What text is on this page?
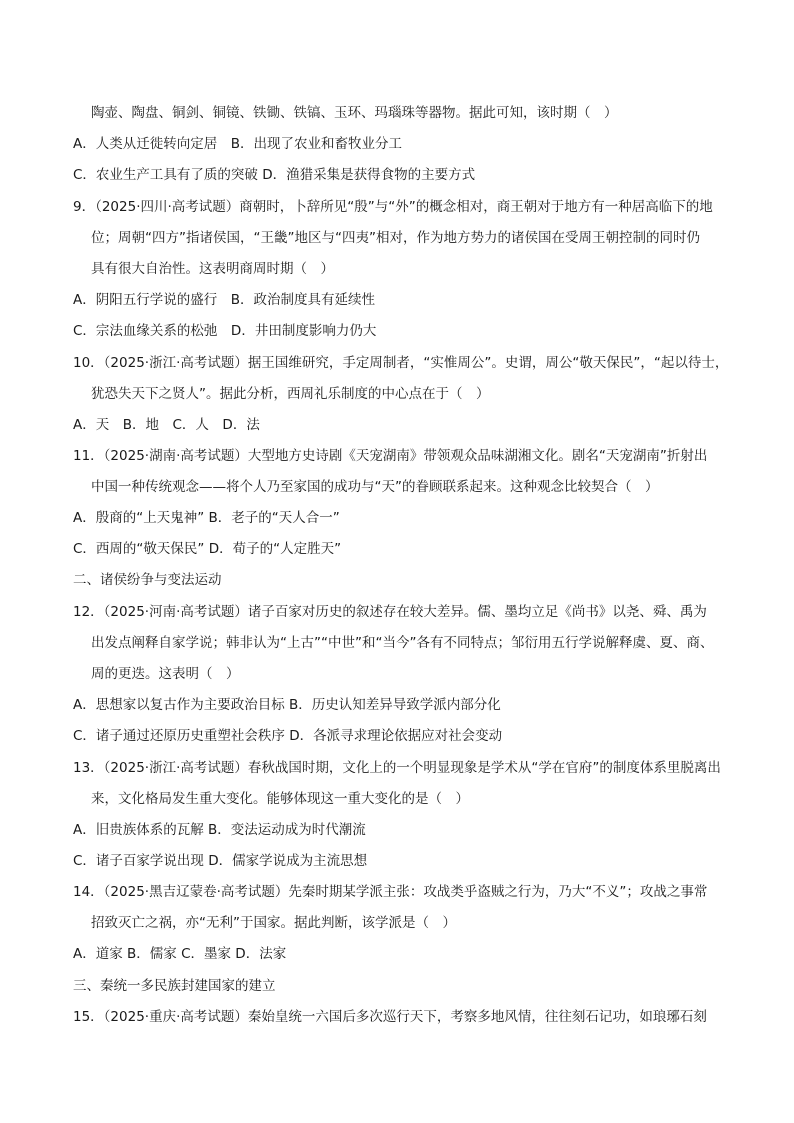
陶壶、陶盘、铜剑、铜镜、铁锄、铁镐、玉环、玛瑙珠等器物。据此可知，该时期（　）
A．人类从迁徙转向定居　B．出现了农业和畜牧业分工
C．农业生产工具有了质的突破 D．渔猎采集是获得食物的主要方式
9．（2025·四川·高考试题）商朝时，卜辞所见“殷”与“外”的概念相对，商王朝对于地方有一种居高临下的地
位；周朝“四方”指诸侯国，“王畿”地区与“四夷”相对，作为地方势力的诸侯国在受周王朝控制的同时仍
具有很大自治性。这表明商周时期（　）
A．阴阳五行学说的盛行　B．政治制度具有延续性
C．宗法血缘关系的松弛　D．井田制度影响力仍大
10．（2025·浙江·高考试题）据王国维研究，手定周制者，“实惟周公”。史谓，周公“敬天保民”，“起以待士，
犹恐失天下之贤人”。据此分析，西周礼乐制度的中心点在于（　）
A．天　B．地　C．人　D．法
11．（2025·湖南·高考试题）大型地方史诗剧《天宠湖南》带领观众品味湖湘文化。剧名“天宠湖南”折射出
中国一种传统观念——将个人乃至家国的成功与“天”的眷顾联系起来。这种观念比较契合（　）
A．殷商的“上天鬼神” B．老子的“天人合一”
C．西周的“敬天保民” D．荀子的“人定胜天”
二、诸侯纷争与变法运动
12．（2025·河南·高考试题）诸子百家对历史的叙述存在较大差异。儒、墨均立足《尚书》以尧、舜、禹为
出发点阐释自家学说；韩非认为“上古”“中世”和“当今”各有不同特点；邹衍用五行学说解释虞、夏、商、
周的更迭。这表明（　）
A．思想家以复古作为主要政治目标 B．历史认知差异导致学派内部分化
C．诸子通过还原历史重塑社会秩序 D．各派寻求理论依据应对社会变动
13．（2025·浙江·高考试题）春秋战国时期，文化上的一个明显现象是学术从“学在官府”的制度体系里脱离出
来，文化格局发生重大变化。能够体现这一重大变化的是（　）
A．旧贵族体系的瓦解 B．变法运动成为时代潮流
C．诸子百家学说出现 D．儒家学说成为主流思想
14．（2025·黑吉辽蒙卷·高考试题）先秦时期某学派主张：攻战类乎盗贼之行为，乃大“不义”；攻战之事常
招致灭亡之祸，亦“无利”于国家。据此判断，该学派是（　）
A．道家 B．儒家 C．墨家 D．法家
三、秦统一多民族封建国家的建立
15．（2025·重庆·高考试题）秦始皇统一六国后多次巡行天下，考察多地风情，往往刻石记功，如琅琊石刻
